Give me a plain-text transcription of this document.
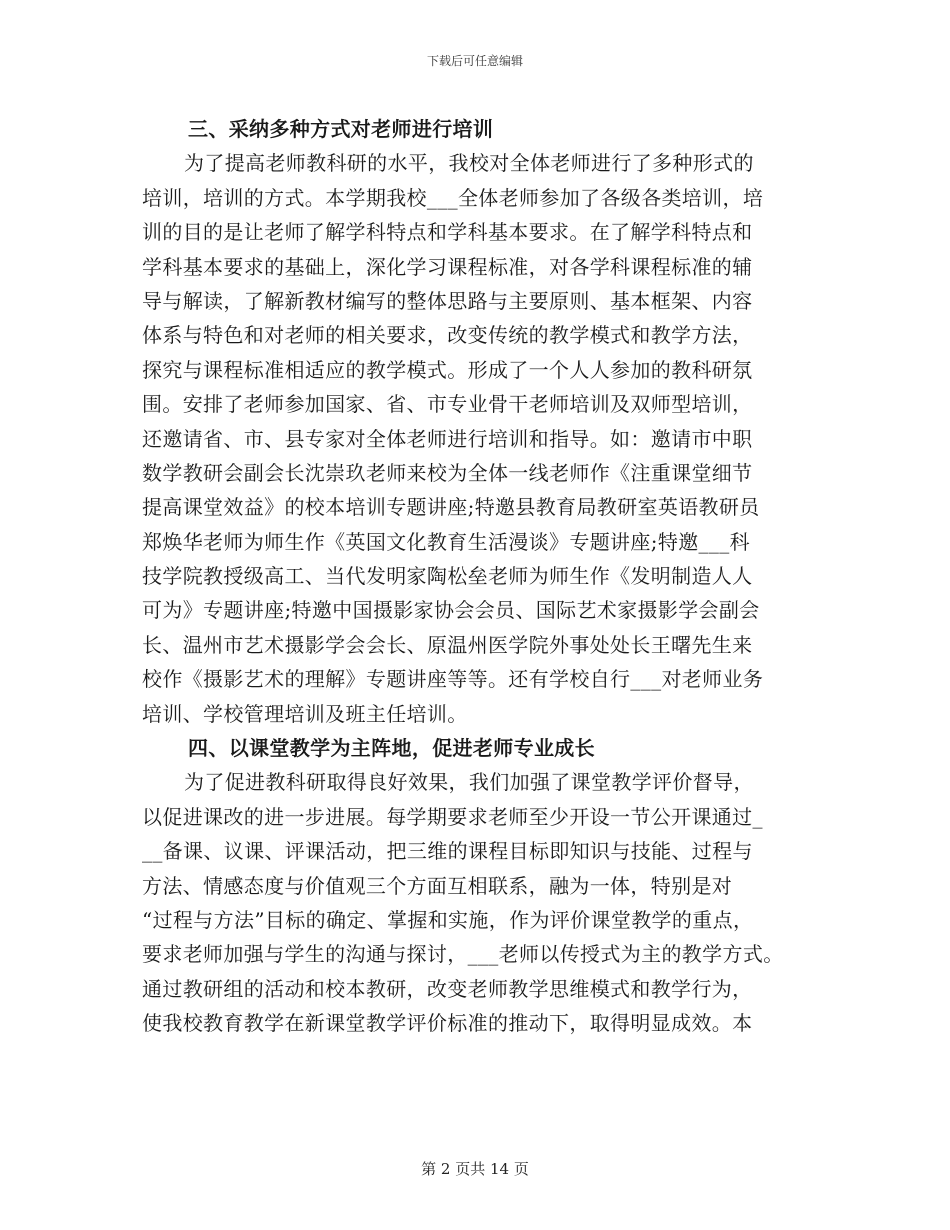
下载后可任意编辑
三、采纳多种方式对老师进行培训
为了提高老师教科研的水平，我校对全体老师进行了多种形式的
培训，培训的方式。本学期我校___全体老师参加了各级各类培训，培
训的目的是让老师了解学科特点和学科基本要求。在了解学科特点和
学科基本要求的基础上，深化学习课程标准，对各学科课程标准的辅
导与解读，了解新教材编写的整体思路与主要原则、基本框架、内容
体系与特色和对老师的相关要求，改变传统的教学模式和教学方法，
探究与课程标准相适应的教学模式。形成了一个人人参加的教科研氛
围。安排了老师参加国家、省、市专业骨干老师培训及双师型培训，
还邀请省、市、县专家对全体老师进行培训和指导。如：邀请市中职
数学教研会副会长沈崇玖老师来校为全体一线老师作《注重课堂细节
提高课堂效益》的校本培训专题讲座;特邀县教育局教研室英语教研员
郑焕华老师为师生作《英国文化教育生活漫谈》专题讲座;特邀___科
技学院教授级高工、当代发明家陶松垒老师为师生作《发明制造人人
可为》专题讲座;特邀中国摄影家协会会员、国际艺术家摄影学会副会
长、温州市艺术摄影学会会长、原温州医学院外事处处长王曙先生来
校作《摄影艺术的理解》专题讲座等等。还有学校自行___对老师业务
培训、学校管理培训及班主任培训。
四、以课堂教学为主阵地，促进老师专业成长
为了促进教科研取得良好效果，我们加强了课堂教学评价督导，
以促进课改的进一步进展。每学期要求老师至少开设一节公开课通过_
__备课、议课、评课活动，把三维的课程目标即知识与技能、过程与
方法、情感态度与价值观三个方面互相联系，融为一体，特别是对
“过程与方法”目标的确定、掌握和实施，作为评价课堂教学的重点，
要求老师加强与学生的沟通与探讨，___老师以传授式为主的教学方式。
通过教研组的活动和校本教研，改变老师教学思维模式和教学行为，
使我校教育教学在新课堂教学评价标准的推动下，取得明显成效。本
第 2 页共 14 页
